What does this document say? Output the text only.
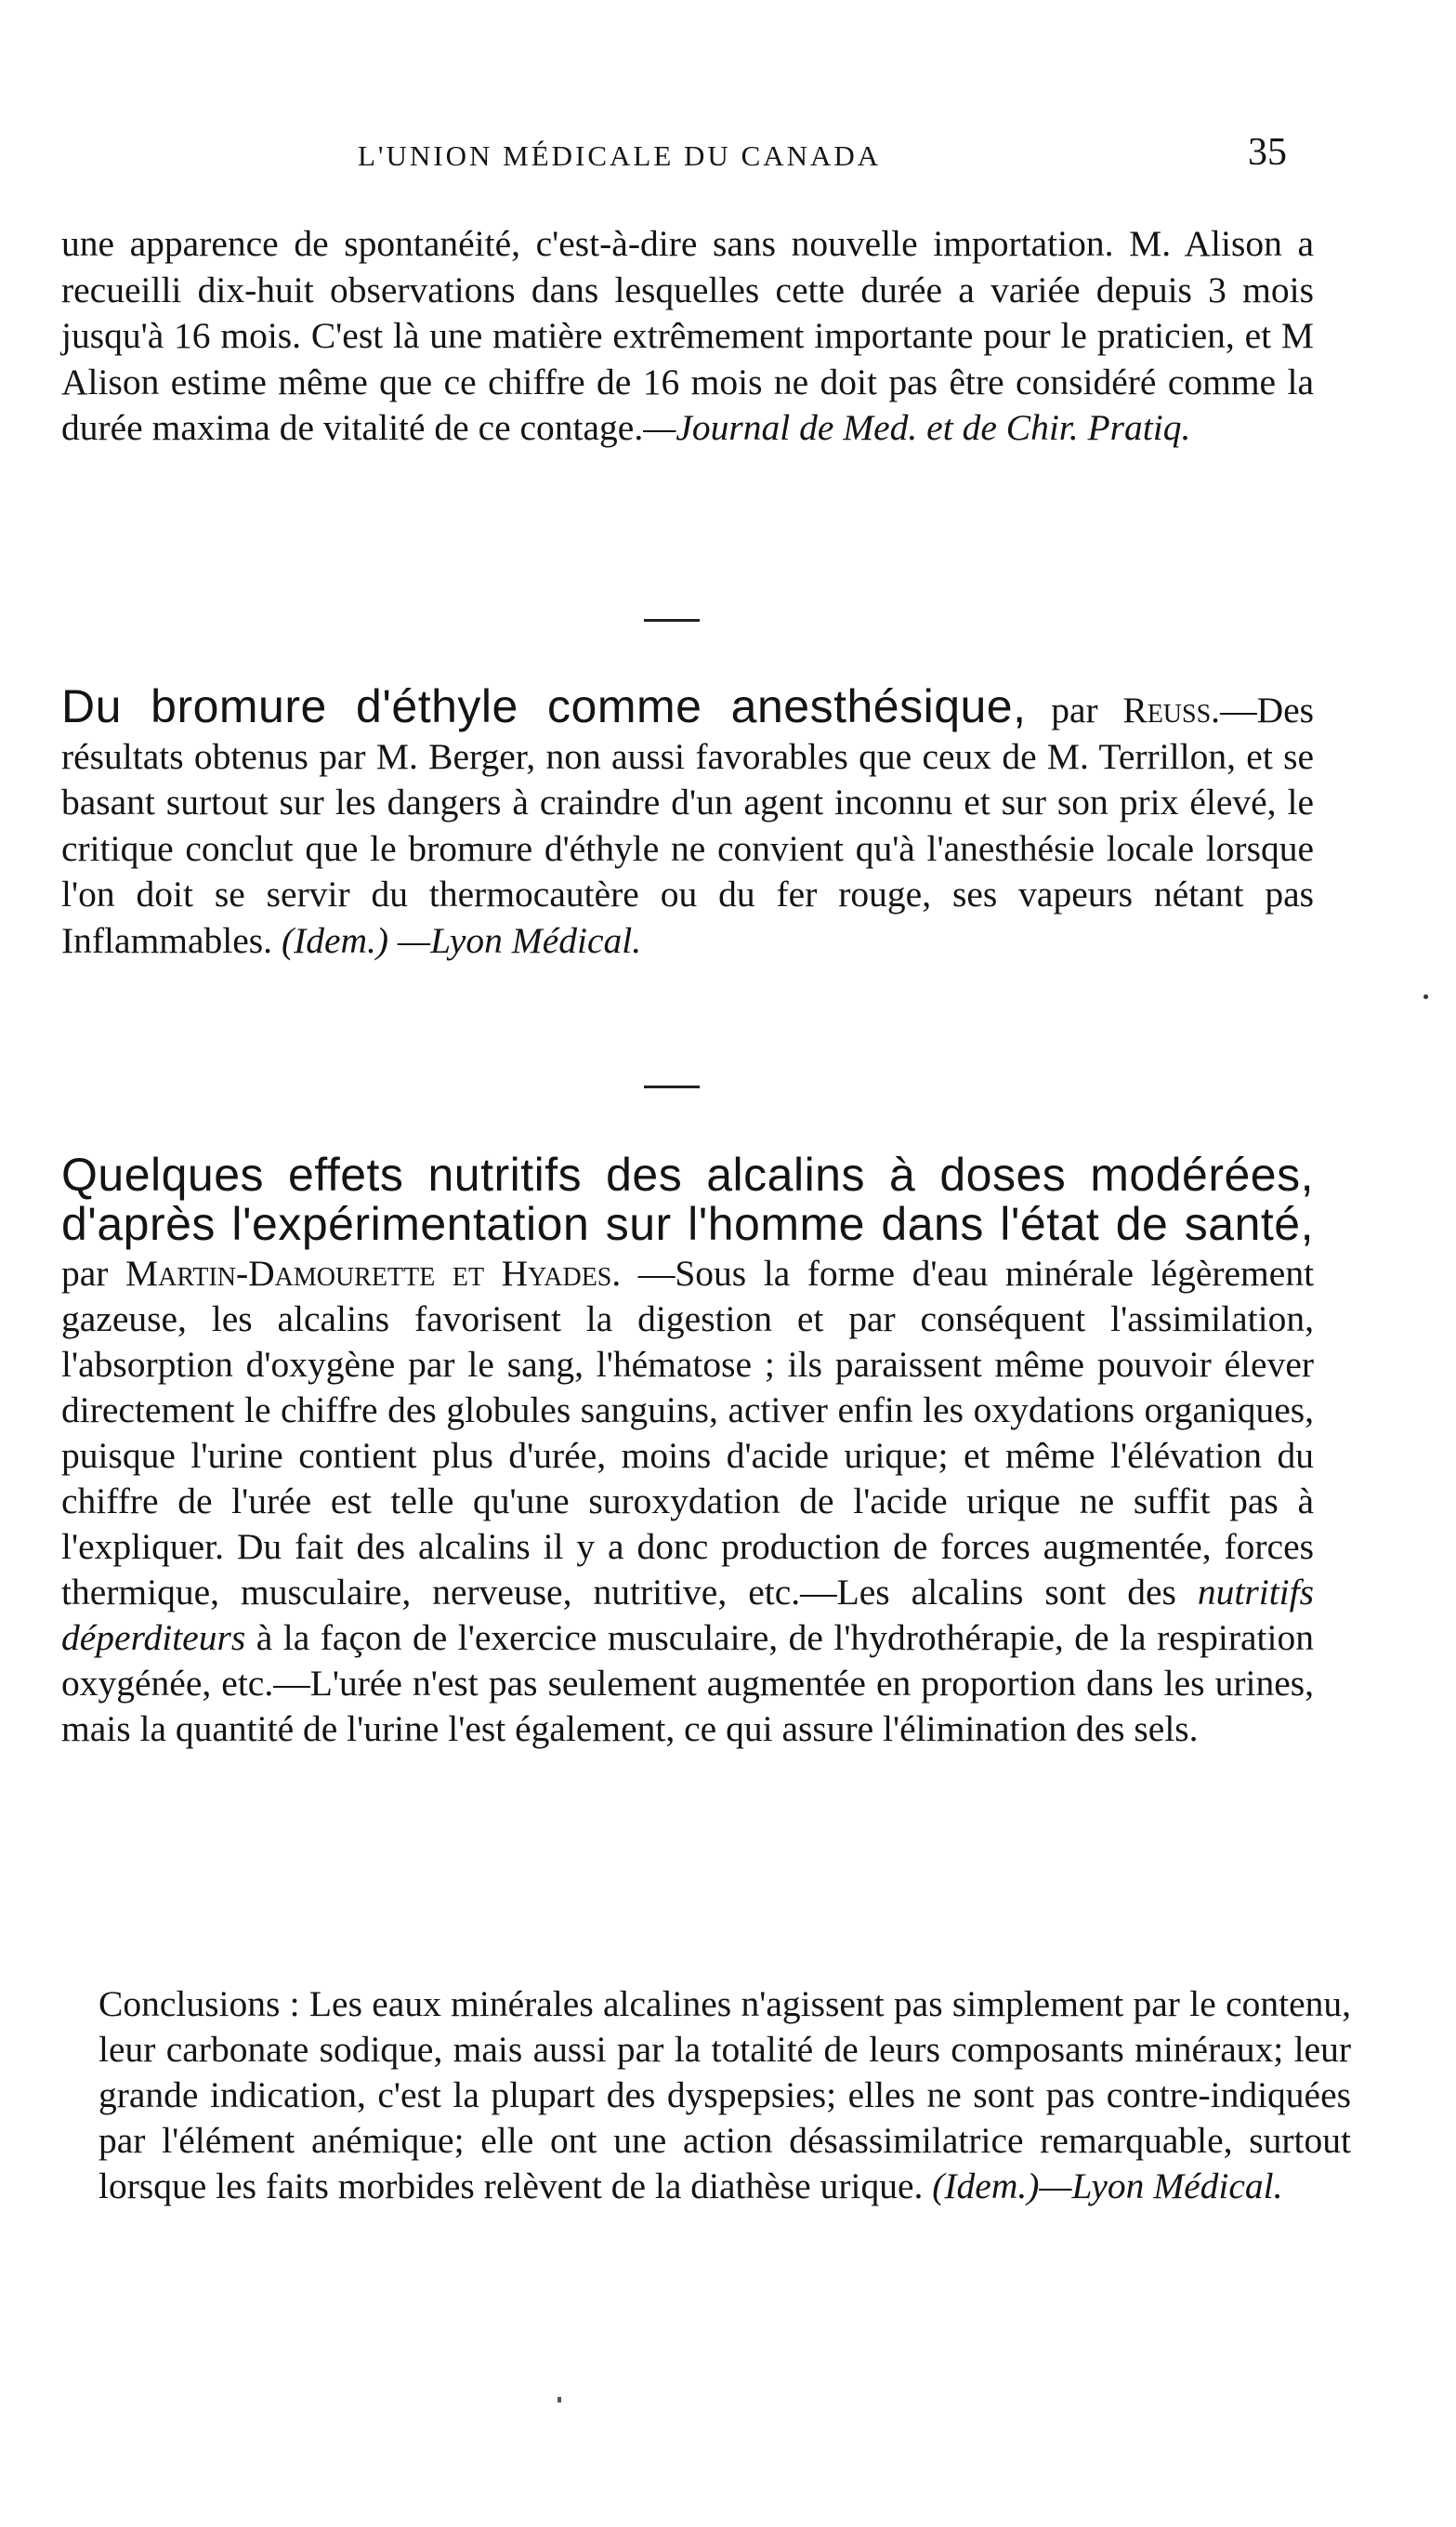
L'UNION MÉDICALE DU CANADA	35

une apparence de spontanéité, c'est-à-dire sans nouvelle importation. M. Alison a recueilli dix-huit observations dans lesquelles cette durée a variée depuis 3 mois jusqu'à 16 mois. C'est là une matière extrêmement importante pour le praticien, et M Alison estime même que ce chiffre de 16 mois ne doit pas être considéré comme la durée maxima de vitalité de ce contage.—Journal de Med. et de Chir. Pratiq.

Du bromure d'éthyle comme anesthésique, par Reuss.—Des résultats obtenus par M. Berger, non aussi favorables que ceux de M. Terrillon, et se basant surtout sur les dangers à craindre d'un agent inconnu et sur son prix élevé, le critique conclut que le bromure d'éthyle ne convient qu'à l'anesthésie locale lorsque l'on doit se servir du thermocautère ou du fer rouge, ses vapeurs nétant pas Inflammables. (Idem.) —Lyon Médical.

Quelques effets nutritifs des alcalins à doses modérées, d'après l'expérimentation sur l'homme dans l'état de santé, par Martin-Damourette et Hyades. —Sous la forme d'eau minérale légèrement gazeuse, les alcalins favorisent la digestion et par conséquent l'assimilation, l'absorption d'oxygène par le sang, l'hématose ; ils paraissent même pouvoir élever directement le chiffre des globules sanguins, activer enfin les oxydations organiques, puisque l'urine contient plus d'urée, moins d'acide urique; et même l'élévation du chiffre de l'urée est telle qu'une suroxydation de l'acide urique ne suffit pas à l'expliquer. Du fait des alcalins il y a donc production de forces augmentée, forces thermique, musculaire, nerveuse, nutritive, etc.—Les alcalins sont des nutritifs déperditeurs à la façon de l'exercice musculaire, de l'hydrothérapie, de la respiration oxygénée, etc.—L'urée n'est pas seulement augmentée en proportion dans les urines, mais la quantité de l'urine l'est également, ce qui assure l'élimination des sels.

Conclusions : Les eaux minérales alcalines n'agissent pas simplement par le contenu, leur carbonate sodique, mais aussi par la totalité de leurs composants minéraux; leur grande indication, c'est la plupart des dyspepsies; elles ne sont pas contre-indiquées par l'élément anémique; elle ont une action désassimilatrice remarquable, surtout lorsque les faits morbides relèvent de la diathèse urique. (Idem.)—Lyon Médical.
